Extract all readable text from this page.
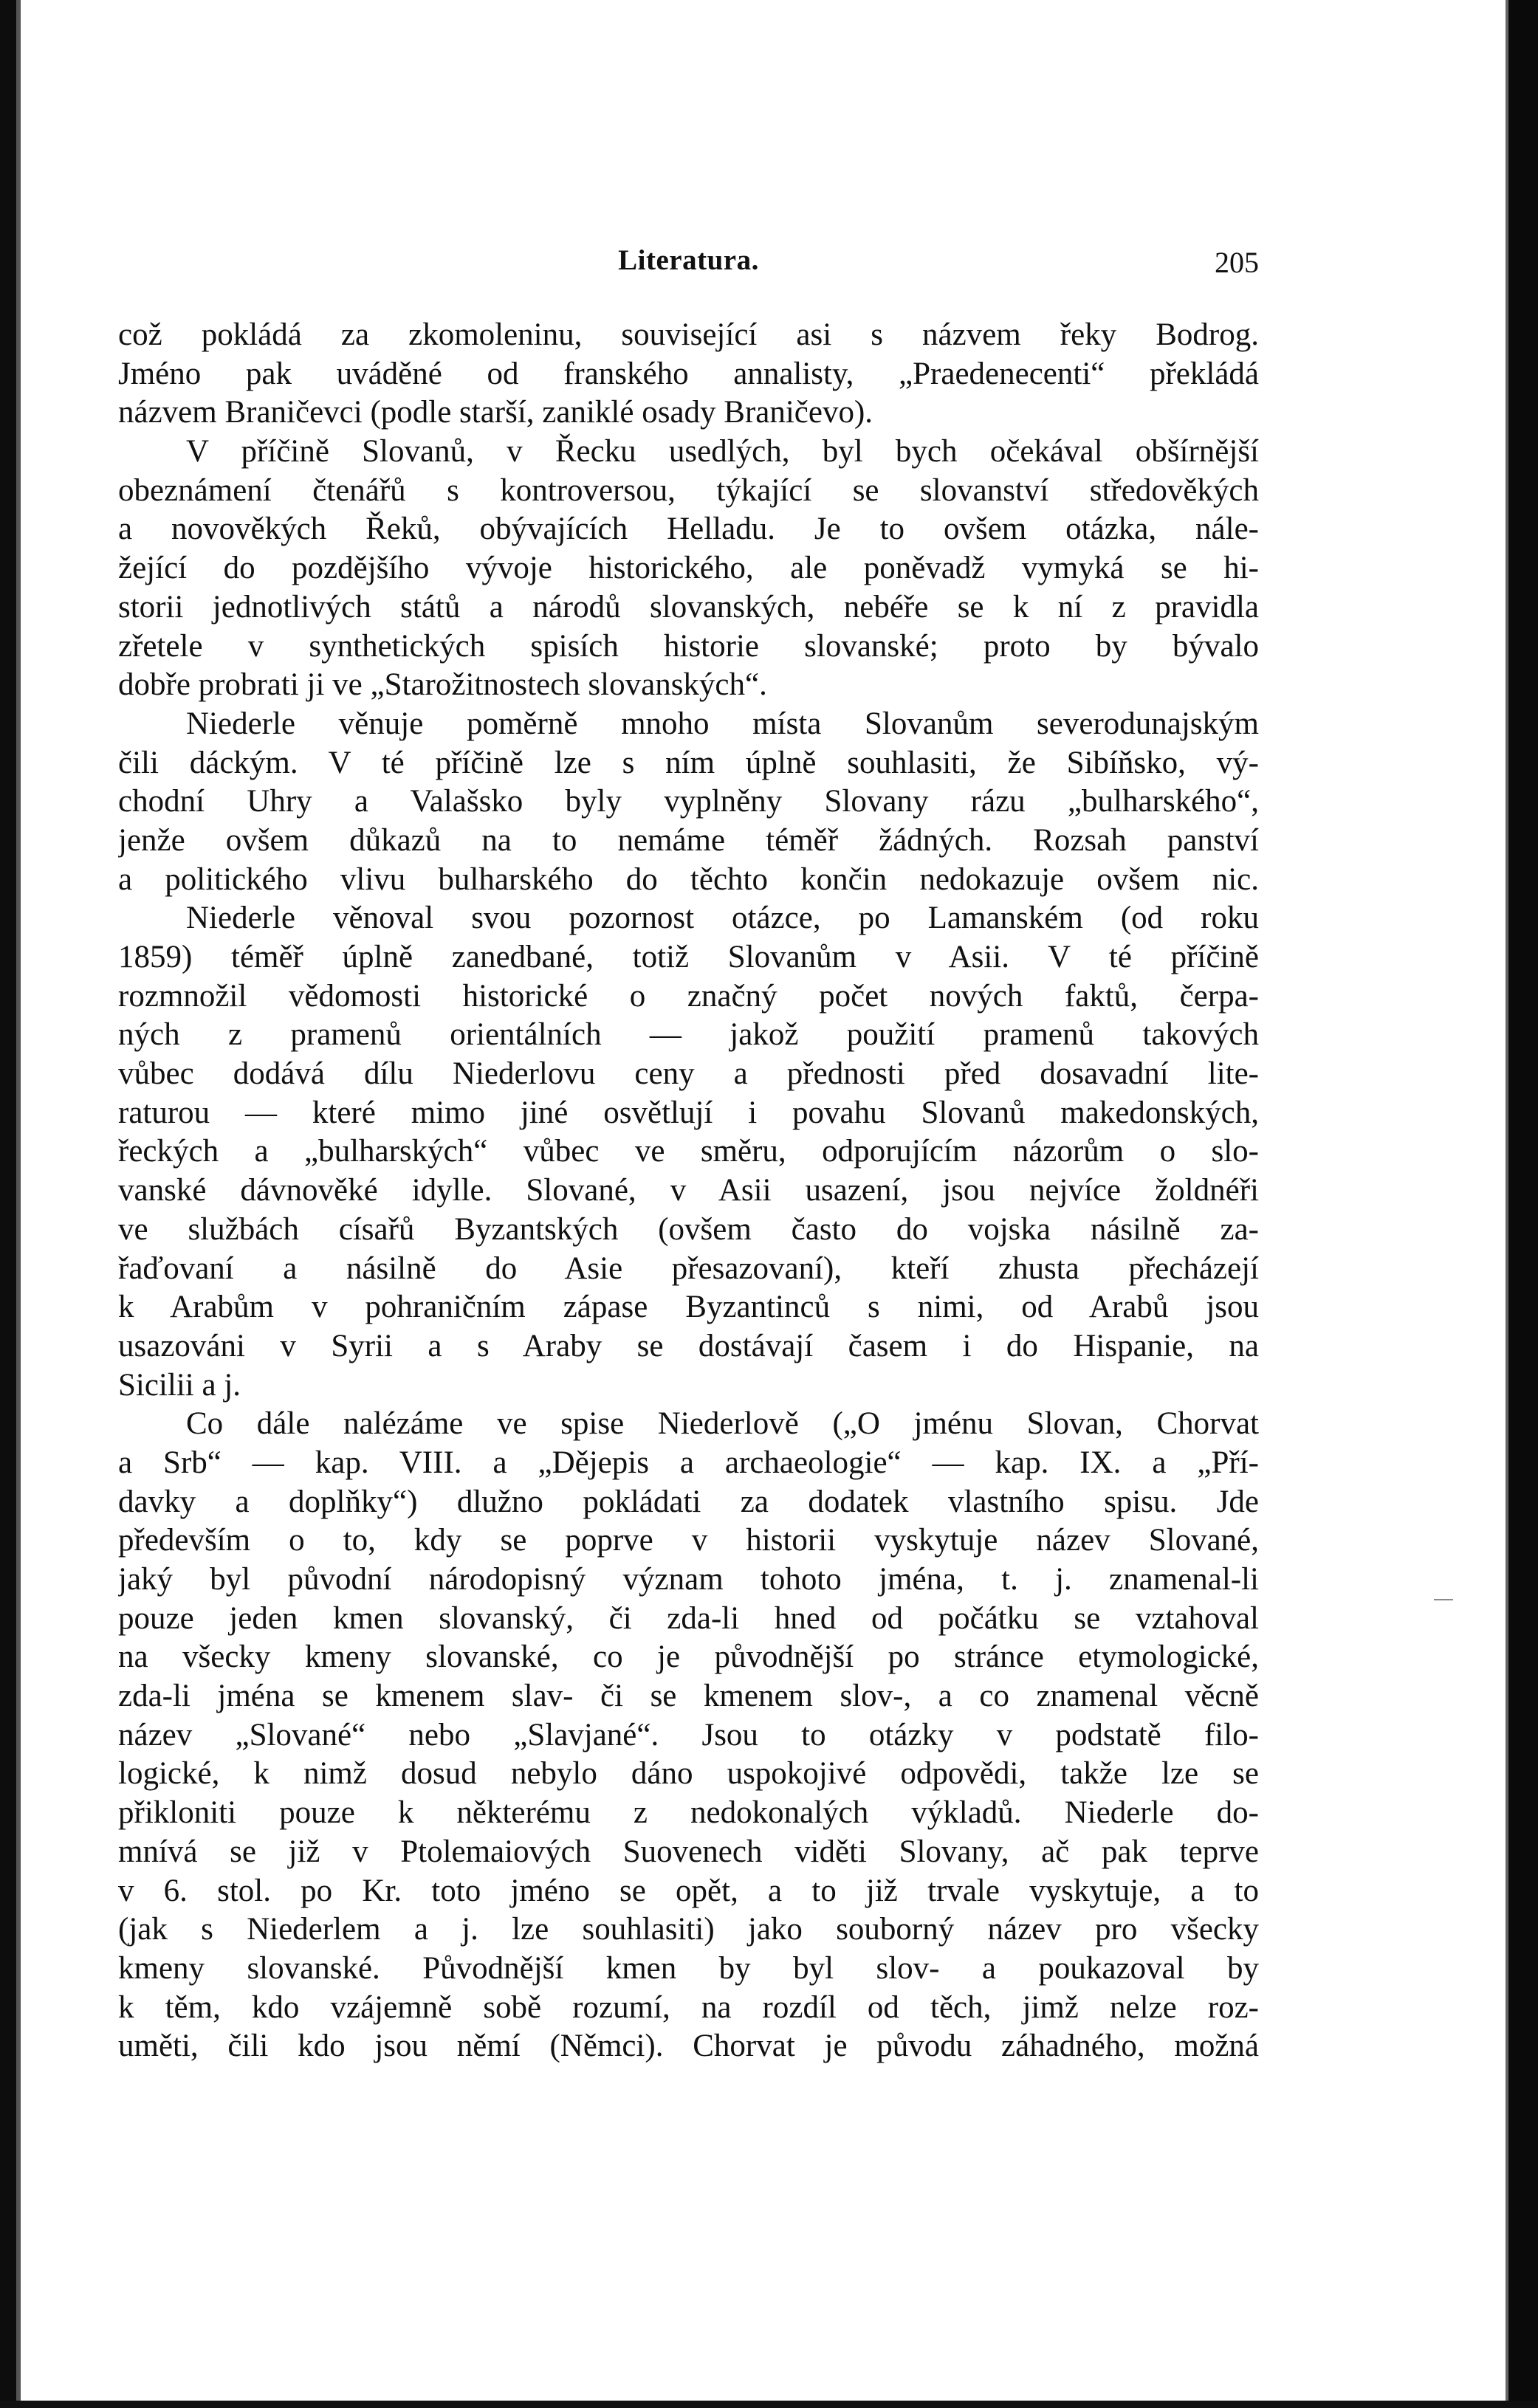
Literatura.	205
což pokládá za zkomoleninu, související asi s názvem řeky Bodrog.
Jméno pak uváděné od franského annalisty, „Praedenecenti“ překládá
názvem Braničevci (podle starší, zaniklé osady Braničevo).
V příčině Slovanů, v Řecku usedlých, byl bych očekával obšírnější
obeznámení čtenářů s kontroversou, týkající se slovanství středověkých
a novověkých Řeků, obývajících Helladu. Je to ovšem otázka, nále-
žející do pozdějšího vývoje historického, ale poněvadž vymyká se hi-
storii jednotlivých států a národů slovanských, nebéře se k ní z pravidla
zřetele v synthetických spisích historie slovanské; proto by bývalo
dobře probrati ji ve „Starožitnostech slovanských“.
Niederle věnuje poměrně mnoho místa Slovanům severodunajským
čili dáckým. V té příčině lze s ním úplně souhlasiti, že Sibíňsko, vý-
chodní Uhry a Valašsko byly vyplněny Slovany rázu „bulharského“,
jenže ovšem důkazů na to nemáme téměř žádných. Rozsah panství
a politického vlivu bulharského do těchto končin nedokazuje ovšem nic.
Niederle věnoval svou pozornost otázce, po Lamanském (od roku
1859) téměř úplně zanedbané, totiž Slovanům v Asii. V té příčině
rozmnožil vědomosti historické o značný počet nových faktů, čerpa-
ných z pramenů orientálních — jakož použití pramenů takových
vůbec dodává dílu Niederlovu ceny a přednosti před dosavadní lite-
raturou — které mimo jiné osvětlují i povahu Slovanů makedonských,
řeckých a „bulharských“ vůbec ve směru, odporujícím názorům o slo-
vanské dávnověké idylle. Slované, v Asii usazení, jsou nejvíce žoldnéři
ve službách císařů Byzantských (ovšem často do vojska násilně za-
řaďovaní a násilně do Asie přesazovaní), kteří zhusta přecházejí
k Arabům v pohraničním zápase Byzantinců s nimi, od Arabů jsou
usazováni v Syrii a s Araby se dostávají časem i do Hispanie, na
Sicilii a j.
Co dále nalézáme ve spise Niederlově („O jménu Slovan, Chorvat
a Srb“ — kap. VIII. a „Dějepis a archaeologie“ — kap. IX. a „Pří-
davky a doplňky“) dlužno pokládati za dodatek vlastního spisu. Jde
především o to, kdy se poprve v historii vyskytuje název Slované,
jaký byl původní národopisný význam tohoto jména, t. j. znamenal-li
pouze jeden kmen slovanský, či zda-li hned od počátku se vztahoval
na všecky kmeny slovanské, co je původnější po stránce etymologické,
zda-li jména se kmenem slav- či se kmenem slov-, a co znamenal věcně
název „Slované“ nebo „Slavjané“. Jsou to otázky v podstatě filo-
logické, k nimž dosud nebylo dáno uspokojivé odpovědi, takže lze se
přikloniti pouze k některému z nedokonalých výkladů. Niederle do-
mnívá se již v Ptolemaiových Suovenech viděti Slovany, ač pak teprve
v 6. stol. po Kr. toto jméno se opět, a to již trvale vyskytuje, a to
(jak s Niederlem a j. lze souhlasiti) jako souborný název pro všecky
kmeny slovanské. Původnější kmen by byl slov- a poukazoval by
k těm, kdo vzájemně sobě rozumí, na rozdíl od těch, jimž nelze roz-
uměti, čili kdo jsou němí (Němci). Chorvat je původu záhadného, možná
